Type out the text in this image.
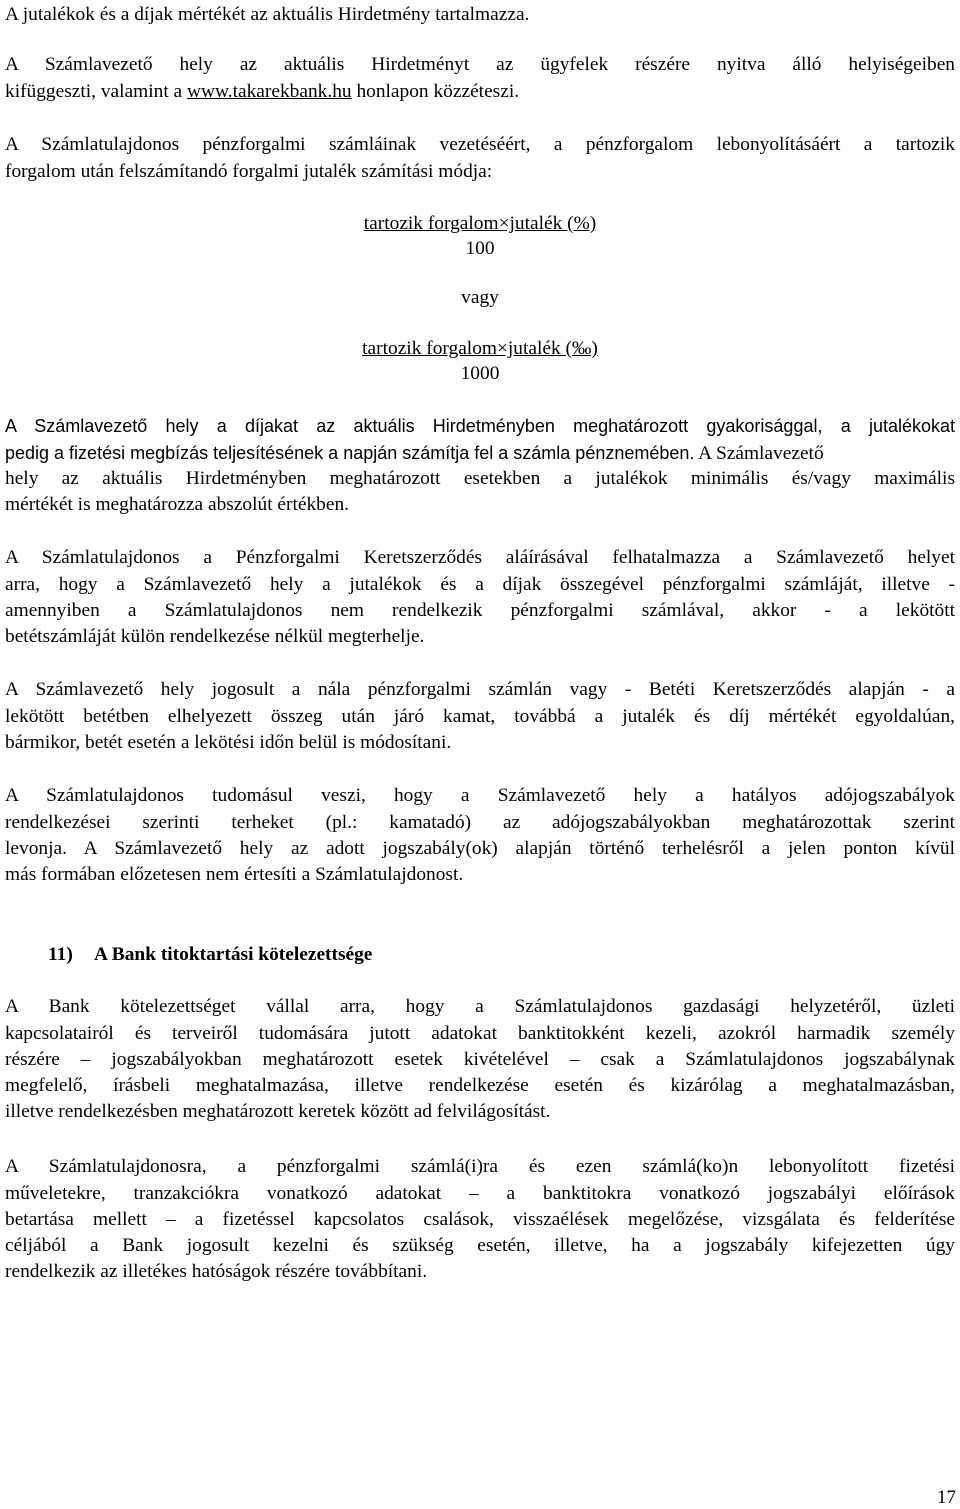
A jutalékok és a díjak mértékét az aktuális Hirdetmény tartalmazza.
A Számlavezető hely az aktuális Hirdetményt az ügyfelek részére nyitva álló helyiségeiben
kifüggeszti, valamint a www.takarekbank.hu honlapon közzéteszi.
A Számlatulajdonos pénzforgalmi számláinak vezetéséért, a pénzforgalom lebonyolításáért a tartozik
forgalom után felszámítandó forgalmi jutalék számítási módja:
tartozik forgalom×jutalék (%)
100
vagy
tartozik forgalom×jutalék (‰)
1000
A Számlavezető hely a díjakat az aktuális Hirdetményben meghatározott gyakorisággal, a jutalékokat
pedig a fizetési megbízás teljesítésének a napján számítja fel a számla pénznemében. A Számlavezető
hely az aktuális Hirdetményben meghatározott esetekben a jutalékok minimális és/vagy maximális
mértékét is meghatározza abszolút értékben.
A Számlatulajdonos a Pénzforgalmi Keretszerződés aláírásával felhatalmazza a Számlavezető helyet
arra, hogy a Számlavezető hely a jutalékok és a díjak összegével pénzforgalmi számláját, illetve -
amennyiben a Számlatulajdonos nem rendelkezik pénzforgalmi számlával, akkor - a lekötött
betétszámláját külön rendelkezése nélkül megterhelje.
A Számlavezető hely jogosult a nála pénzforgalmi számlán vagy - Betéti Keretszerződés alapján - a
lekötött betétben elhelyezett összeg után járó kamat, továbbá a jutalék és díj mértékét egyoldalúan,
bármikor, betét esetén a lekötési időn belül is módosítani.
A Számlatulajdonos tudomásul veszi, hogy a Számlavezető hely a hatályos adójogszabályok
rendelkezései szerinti terheket (pl.: kamatadó) az adójogszabályokban meghatározottak szerint
levonja. A Számlavezető hely az adott jogszabály(ok) alapján történő terhelésről a jelen ponton kívül
más formában előzetesen nem értesíti a Számlatulajdonost.
11) A Bank titoktartási kötelezettsége
A Bank kötelezettséget vállal arra, hogy a Számlatulajdonos gazdasági helyzetéről, üzleti
kapcsolatairól és terveiről tudomására jutott adatokat banktitokként kezeli, azokról harmadik személy
részére – jogszabályokban meghatározott esetek kivételével – csak a Számlatulajdonos jogszabálynak
megfelelő, írásbeli meghatalmazása, illetve rendelkezése esetén és kizárólag a meghatalmazásban,
illetve rendelkezésben meghatározott keretek között ad felvilágosítást.
A Számlatulajdonosra, a pénzforgalmi számlá(i)ra és ezen számlá(ko)n lebonyolított fizetési
műveletekre, tranzakciókra vonatkozó adatokat – a banktitokra vonatkozó jogszabályi előírások
betartása mellett – a fizetéssel kapcsolatos csalások, visszaélések megelőzése, vizsgálata és felderítése
céljából a Bank jogosult kezelni és szükség esetén, illetve, ha a jogszabály kifejezetten úgy
rendelkezik az illetékes hatóságok részére továbbítani.
17
